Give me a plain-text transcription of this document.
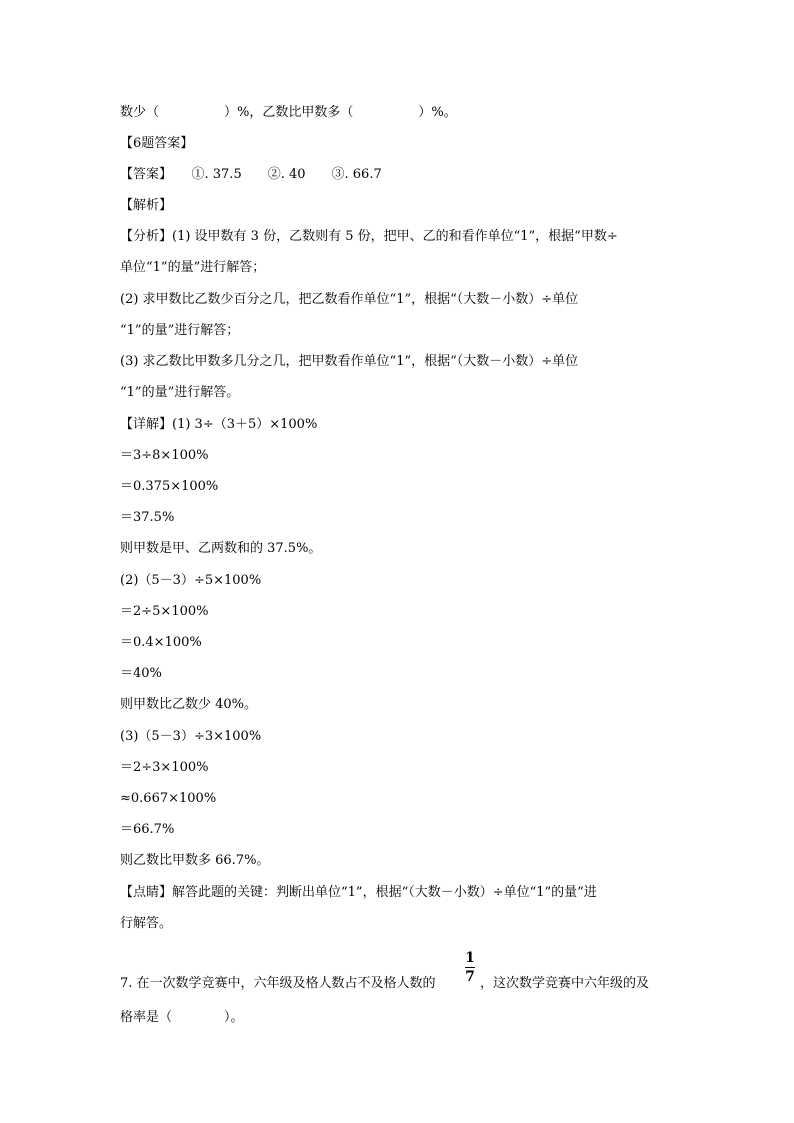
数少（　　　　　）%，乙数比甲数多（　　　　　）%。
【6题答案】
【答案】　　①. 37.5　　②. 40　　③. 66.7
【解析】
【分析】(1) 设甲数有 3 份，乙数则有 5 份，把甲、乙的和看作单位“1”，根据“甲数÷
单位“1”的量”进行解答；
(2) 求甲数比乙数少百分之几，把乙数看作单位“1”，根据“（大数－小数）÷单位
“1”的量”进行解答；
(3) 求乙数比甲数多几分之几，把甲数看作单位“1”，根据“（大数－小数）÷单位
“1”的量”进行解答。
【详解】(1) 3÷（3＋5）×100%
＝3÷8×100%
＝0.375×100%
＝37.5%
则甲数是甲、乙两数和的 37.5%。
(2)（5－3）÷5×100%
＝2÷5×100%
＝0.4×100%
＝40%
则甲数比乙数少 40%。
(3)（5－3）÷3×100%
＝2÷3×100%
≈0.667×100%
＝66.7%
则乙数比甲数多 66.7%。
【点睛】解答此题的关键：判断出单位“1”，根据“（大数－小数）÷单位“1”的量”进
行解答。
7. 在一次数学竞赛中，六年级及格人数占不及格人数的
1
7 ，这次数学竞赛中六年级的及
格率是（　　　　）。
